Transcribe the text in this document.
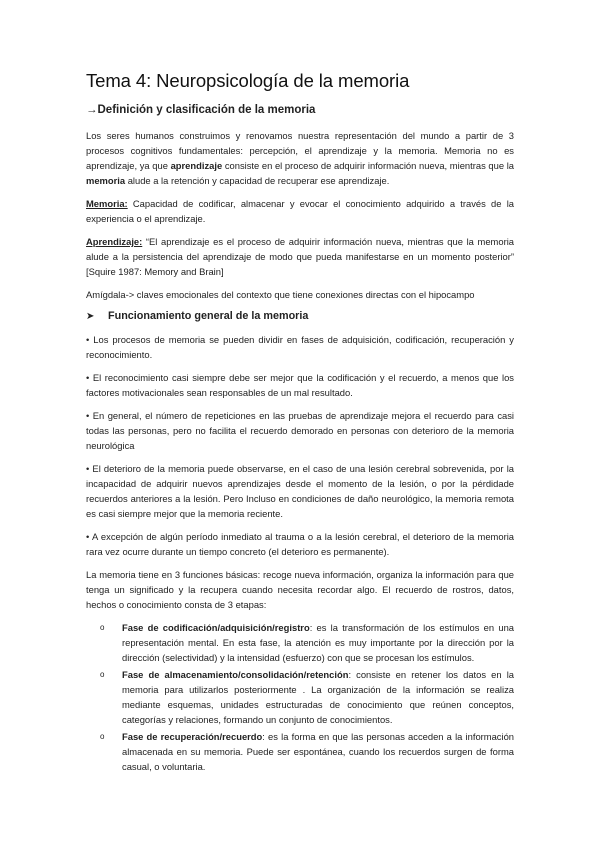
Tema 4: Neuropsicología de la memoria
→Definición y clasificación de la memoria

Los seres humanos construimos y renovamos nuestra representación del mundo a partir de 3 procesos cognitivos fundamentales: percepción, el aprendizaje y la memoria. Memoria no es aprendizaje, ya que aprendizaje consiste en el proceso de adquirir información nueva, mientras que la memoria alude a la retención y capacidad de recuperar ese aprendizaje.

Memoria: Capacidad de codificar, almacenar y evocar el conocimiento adquirido a través de la experiencia o el aprendizaje.

Aprendizaje: “El aprendizaje es el proceso de adquirir información nueva, mientras que la memoria alude a la persistencia del aprendizaje de modo que pueda manifestarse en un momento posterior” [Squire 1987: Memory and Brain]

Amígdala-> claves emocionales del contexto que tiene conexiones directas con el hipocampo

➤	Funcionamiento general de la memoria

• Los procesos de memoria se pueden dividir en fases de adquisición, codificación, recuperación y reconocimiento.

• El reconocimiento casi siempre debe ser mejor que la codificación y el recuerdo, a menos que los factores motivacionales sean responsables de un mal resultado.

• En general, el número de repeticiones en las pruebas de aprendizaje mejora el recuerdo para casi todas las personas, pero no facilita el recuerdo demorado en personas con deterioro de la memoria neurológica

• El deterioro de la memoria puede observarse, en el caso de una lesión cerebral sobrevenida, por la incapacidad de adquirir nuevos aprendizajes desde el momento de la lesión, o por la pérdidade recuerdos anteriores a la lesión. Pero Incluso en condiciones de daño neurológico, la memoria remota es casi siempre mejor que la memoria reciente.

• A excepción de algún período inmediato al trauma o a la lesión cerebral, el deterioro de la memoria rara vez ocurre durante un tiempo concreto (el deterioro es permanente).

La memoria tiene en 3 funciones básicas: recoge nueva información, organiza la información para que tenga un significado y la recupera cuando necesita recordar algo. El recuerdo de rostros, datos, hechos o conocimiento consta de 3 etapas:

o Fase de codificación/adquisición/registro: es la transformación de los estímulos en una representación mental. En esta fase, la atención es muy importante por la dirección por la dirección (selectividad) y la intensidad (esfuerzo) con que se procesan los estímulos.
o Fase de almacenamiento/consolidación/retención: consiste en retener los datos en la memoria para utilizarlos posteriormente . La organización de la información se realiza mediante esquemas, unidades estructuradas de conocimiento que reúnen conceptos, categorías y relaciones, formando un conjunto de conocimientos.
o Fase de recuperación/recuerdo: es la forma en que las personas acceden a la información almacenada en su memoria. Puede ser espontánea, cuando los recuerdos surgen de forma casual, o voluntaria.
